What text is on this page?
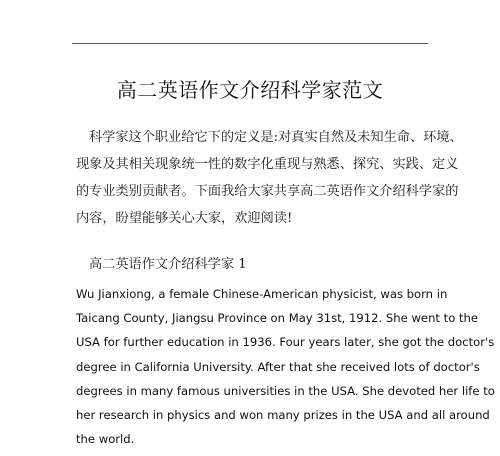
高二英语作文介绍科学家范文
科学家这个职业给它下的定义是:对真实自然及未知生命、环境、
现象及其相关现象统一性的数字化重现与熟悉、探究、实践、定义
的专业类别贡献者。下面我给大家共享高二英语作文介绍科学家的
内容，盼望能够关心大家，欢迎阅读!
高二英语作文介绍科学家 1
Wu Jianxiong, a female Chinese-American physicist, was born in
Taicang County, Jiangsu Province on May 31st, 1912. She went to the
USA for further education in 1936. Four years later, she got the doctor's
degree in California University. After that she received lots of doctor's
degrees in many famous universities in the USA. She devoted her life to
her research in physics and won many prizes in the USA and all around
the world.
